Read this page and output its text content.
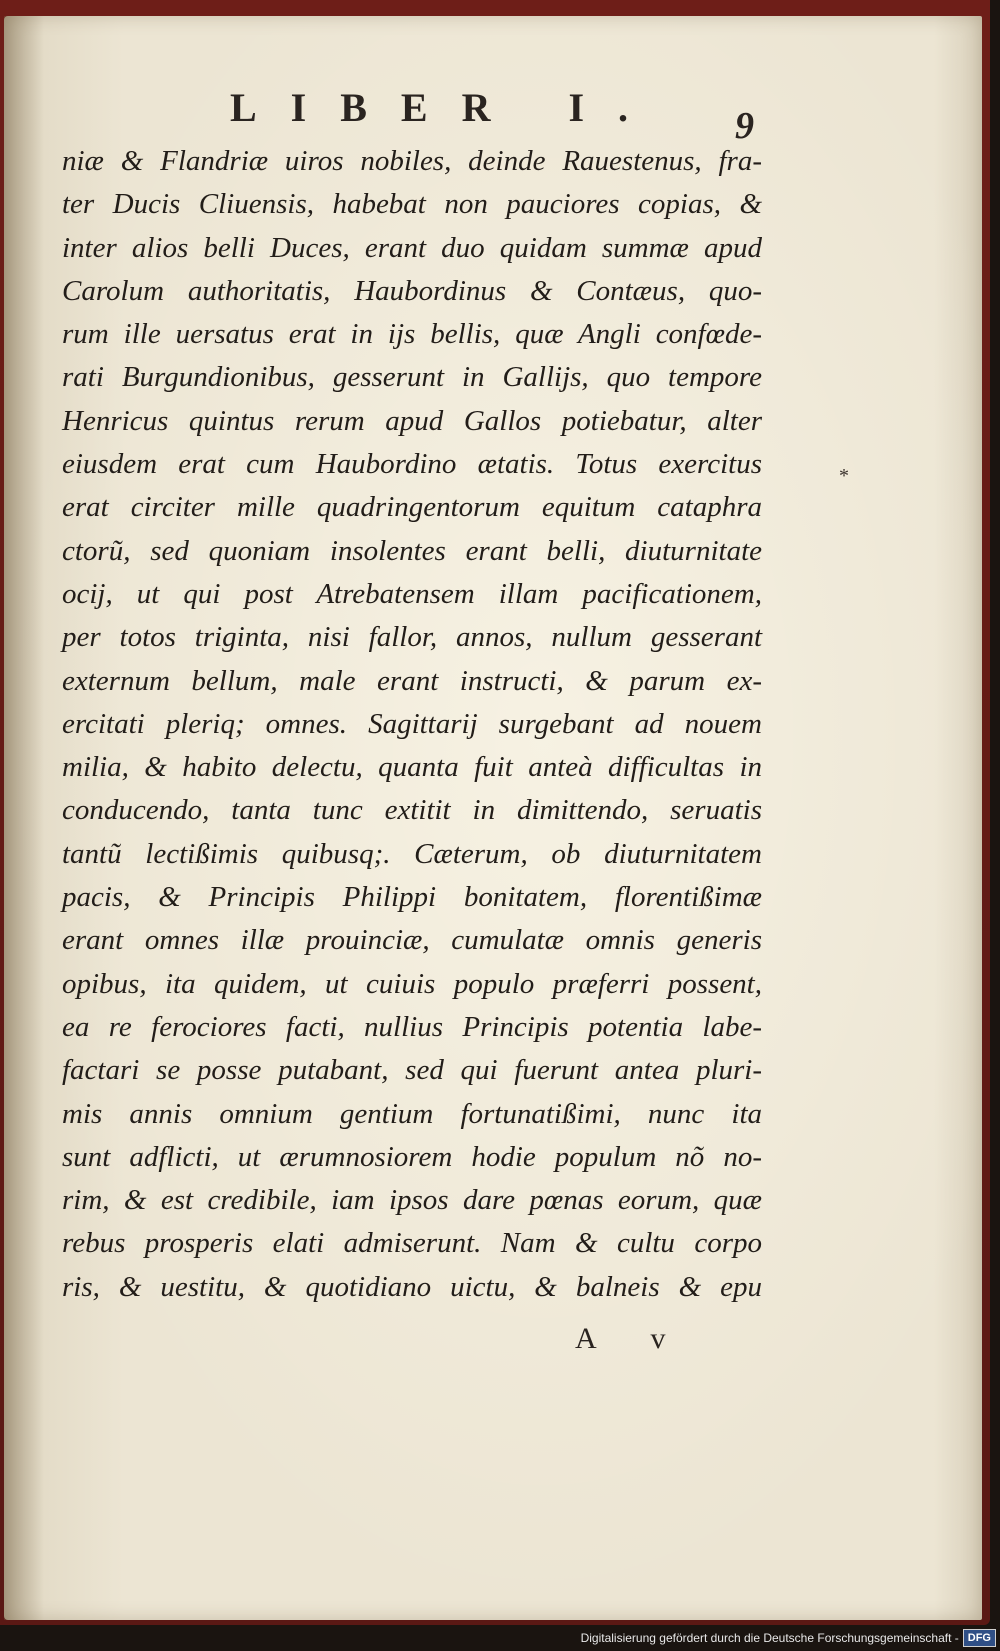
LIBER I. 9
*
niæ & Flandriæ uiros nobiles, deinde Rauestenus, fra-
ter Ducis Cliuensis, habebat non pauciores copias, &
inter alios belli Duces, erant duo quidam summæ apud
Carolum authoritatis, Haubordinus & Contæus, quo-
rum ille uersatus erat in ijs bellis, quæ Angli confœde-
rati Burgundionibus, gesserunt in Gallijs, quo tempore
Henricus quintus rerum apud Gallos potiebatur, alter
eiusdem erat cum Haubordino ætatis. Totus exercitus
erat circiter mille quadringentorum equitum cataphra
ctorũ, sed quoniam insolentes erant belli, diuturnitate
ocij, ut qui post Atrebatensem illam pacificationem,
per totos triginta, nisi fallor, annos, nullum gesserant
externum bellum, male erant instructi, & parum ex-
ercitati pleriq; omnes. Sagittarij surgebant ad nouem
milia, & habito delectu, quanta fuit anteà difficultas in
conducendo, tanta tunc extitit in dimittendo, seruatis
tantũ lectißimis quibusq;. Cæterum, ob diuturnitatem
pacis, & Principis Philippi bonitatem, florentißimæ
erant omnes illæ prouinciæ, cumulatæ omnis generis
opibus, ita quidem, ut cuiuis populo præferri possent,
ea re ferociores facti, nullius Principis potentia labe-
factari se posse putabant, sed qui fuerunt antea pluri-
mis annis omnium gentium fortunatißimi, nunc ita
sunt adflicti, ut ærumnosiorem hodie populum nõ no-
rim, & est credibile, iam ipsos dare pœnas eorum, quæ
rebus prosperis elati admiserunt. Nam & cultu corpo
ris, & uestitu, & quotidiano uictu, & balneis & epu
A v
Digitalisierung gefördert durch die Deutsche Forschungsgemeinschaft - DFG
